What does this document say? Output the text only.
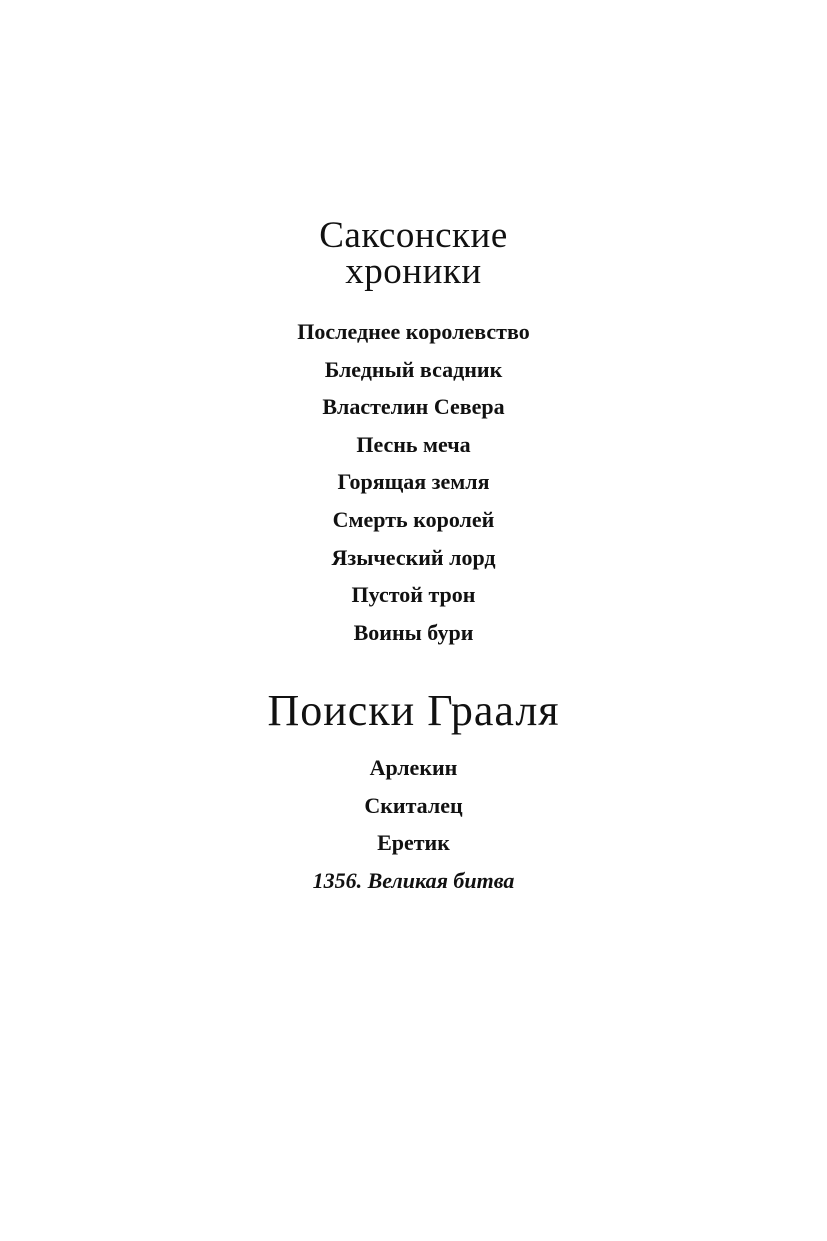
Саксонские
хроники
Последнее королевство
Бледный всадник
Властелин Севера
Песнь меча
Горящая земля
Смерть королей
Языческий лорд
Пустой трон
Воины бури
Поиски Грааля
Арлекин
Скиталец
Еретик
1356. Великая битва
